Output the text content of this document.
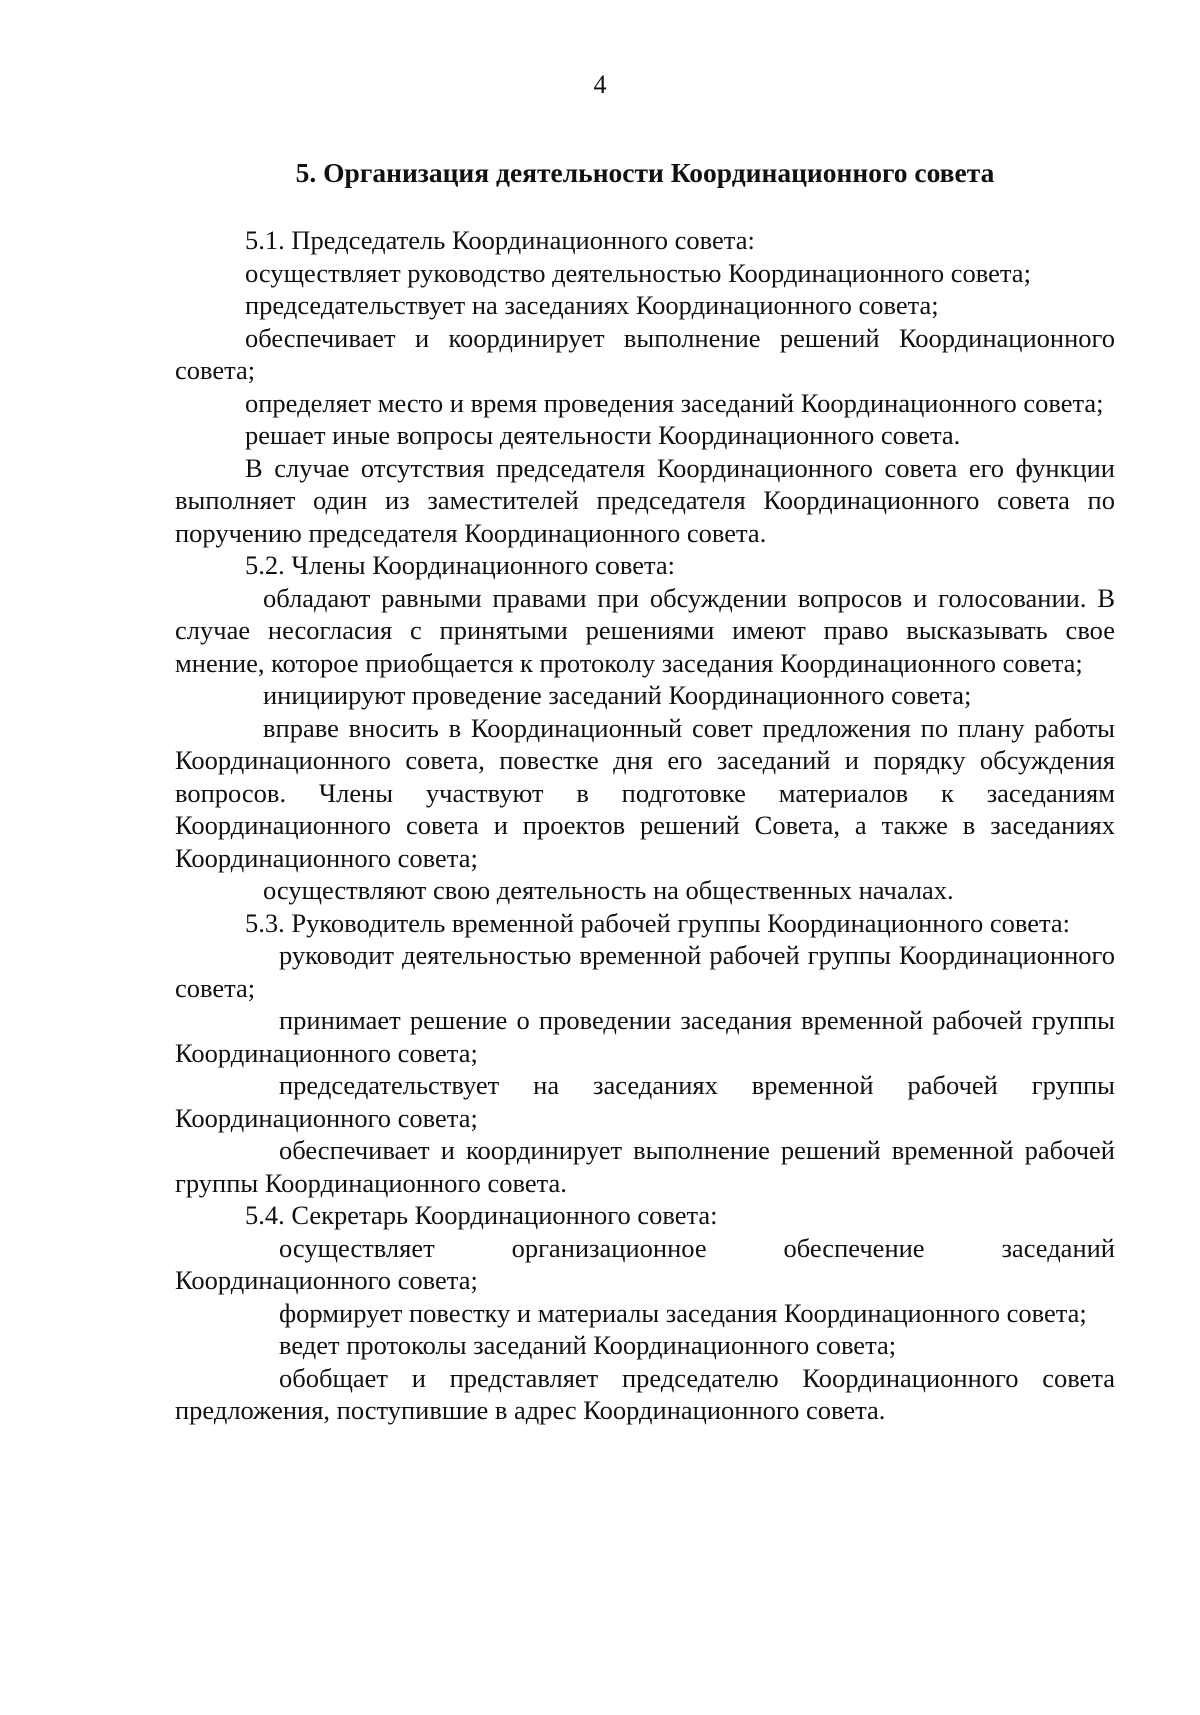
4
5. Организация деятельности Координационного совета

5.1. Председатель Координационного совета:

осуществляет руководство деятельностью Координационного совета;

председательствует на заседаниях Координационного совета;

обеспечивает и координирует выполнение решений Координационного совета;

определяет место и время проведения заседаний Координационного совета;

решает иные вопросы деятельности Координационного совета.

В случае отсутствия председателя Координационного совета его функции выполняет один из заместителей председателя Координационного совета по поручению председателя Координационного совета.

5.2. Члены Координационного совета:

обладают равными правами при обсуждении вопросов и голосовании. В случае несогласия с принятыми решениями имеют право высказывать свое мнение, которое приобщается к протоколу заседания Координационного совета;

инициируют проведение заседаний Координационного совета;

вправе вносить в Координационный совет предложения по плану работы Координационного совета, повестке дня его заседаний и порядку обсуждения вопросов. Члены участвуют в подготовке материалов к заседаниям Координационного совета и проектов решений Совета, а также в заседаниях Координационного совета;

осуществляют свою деятельность на общественных началах.

5.3. Руководитель временной рабочей группы Координационного совета:

руководит деятельностью временной рабочей группы Координационного совета;

принимает решение о проведении заседания временной рабочей группы Координационного совета;

председательствует на заседаниях временной рабочей группы Координационного совета;

обеспечивает и координирует выполнение решений временной рабочей группы Координационного совета.

5.4. Секретарь Координационного совета:

осуществляет организационное обеспечение заседаний Координационного совета;

формирует повестку и материалы заседания Координационного совета;

ведет протоколы заседаний Координационного совета;

обобщает и представляет председателю Координационного совета предложения, поступившие в адрес Координационного совета.
